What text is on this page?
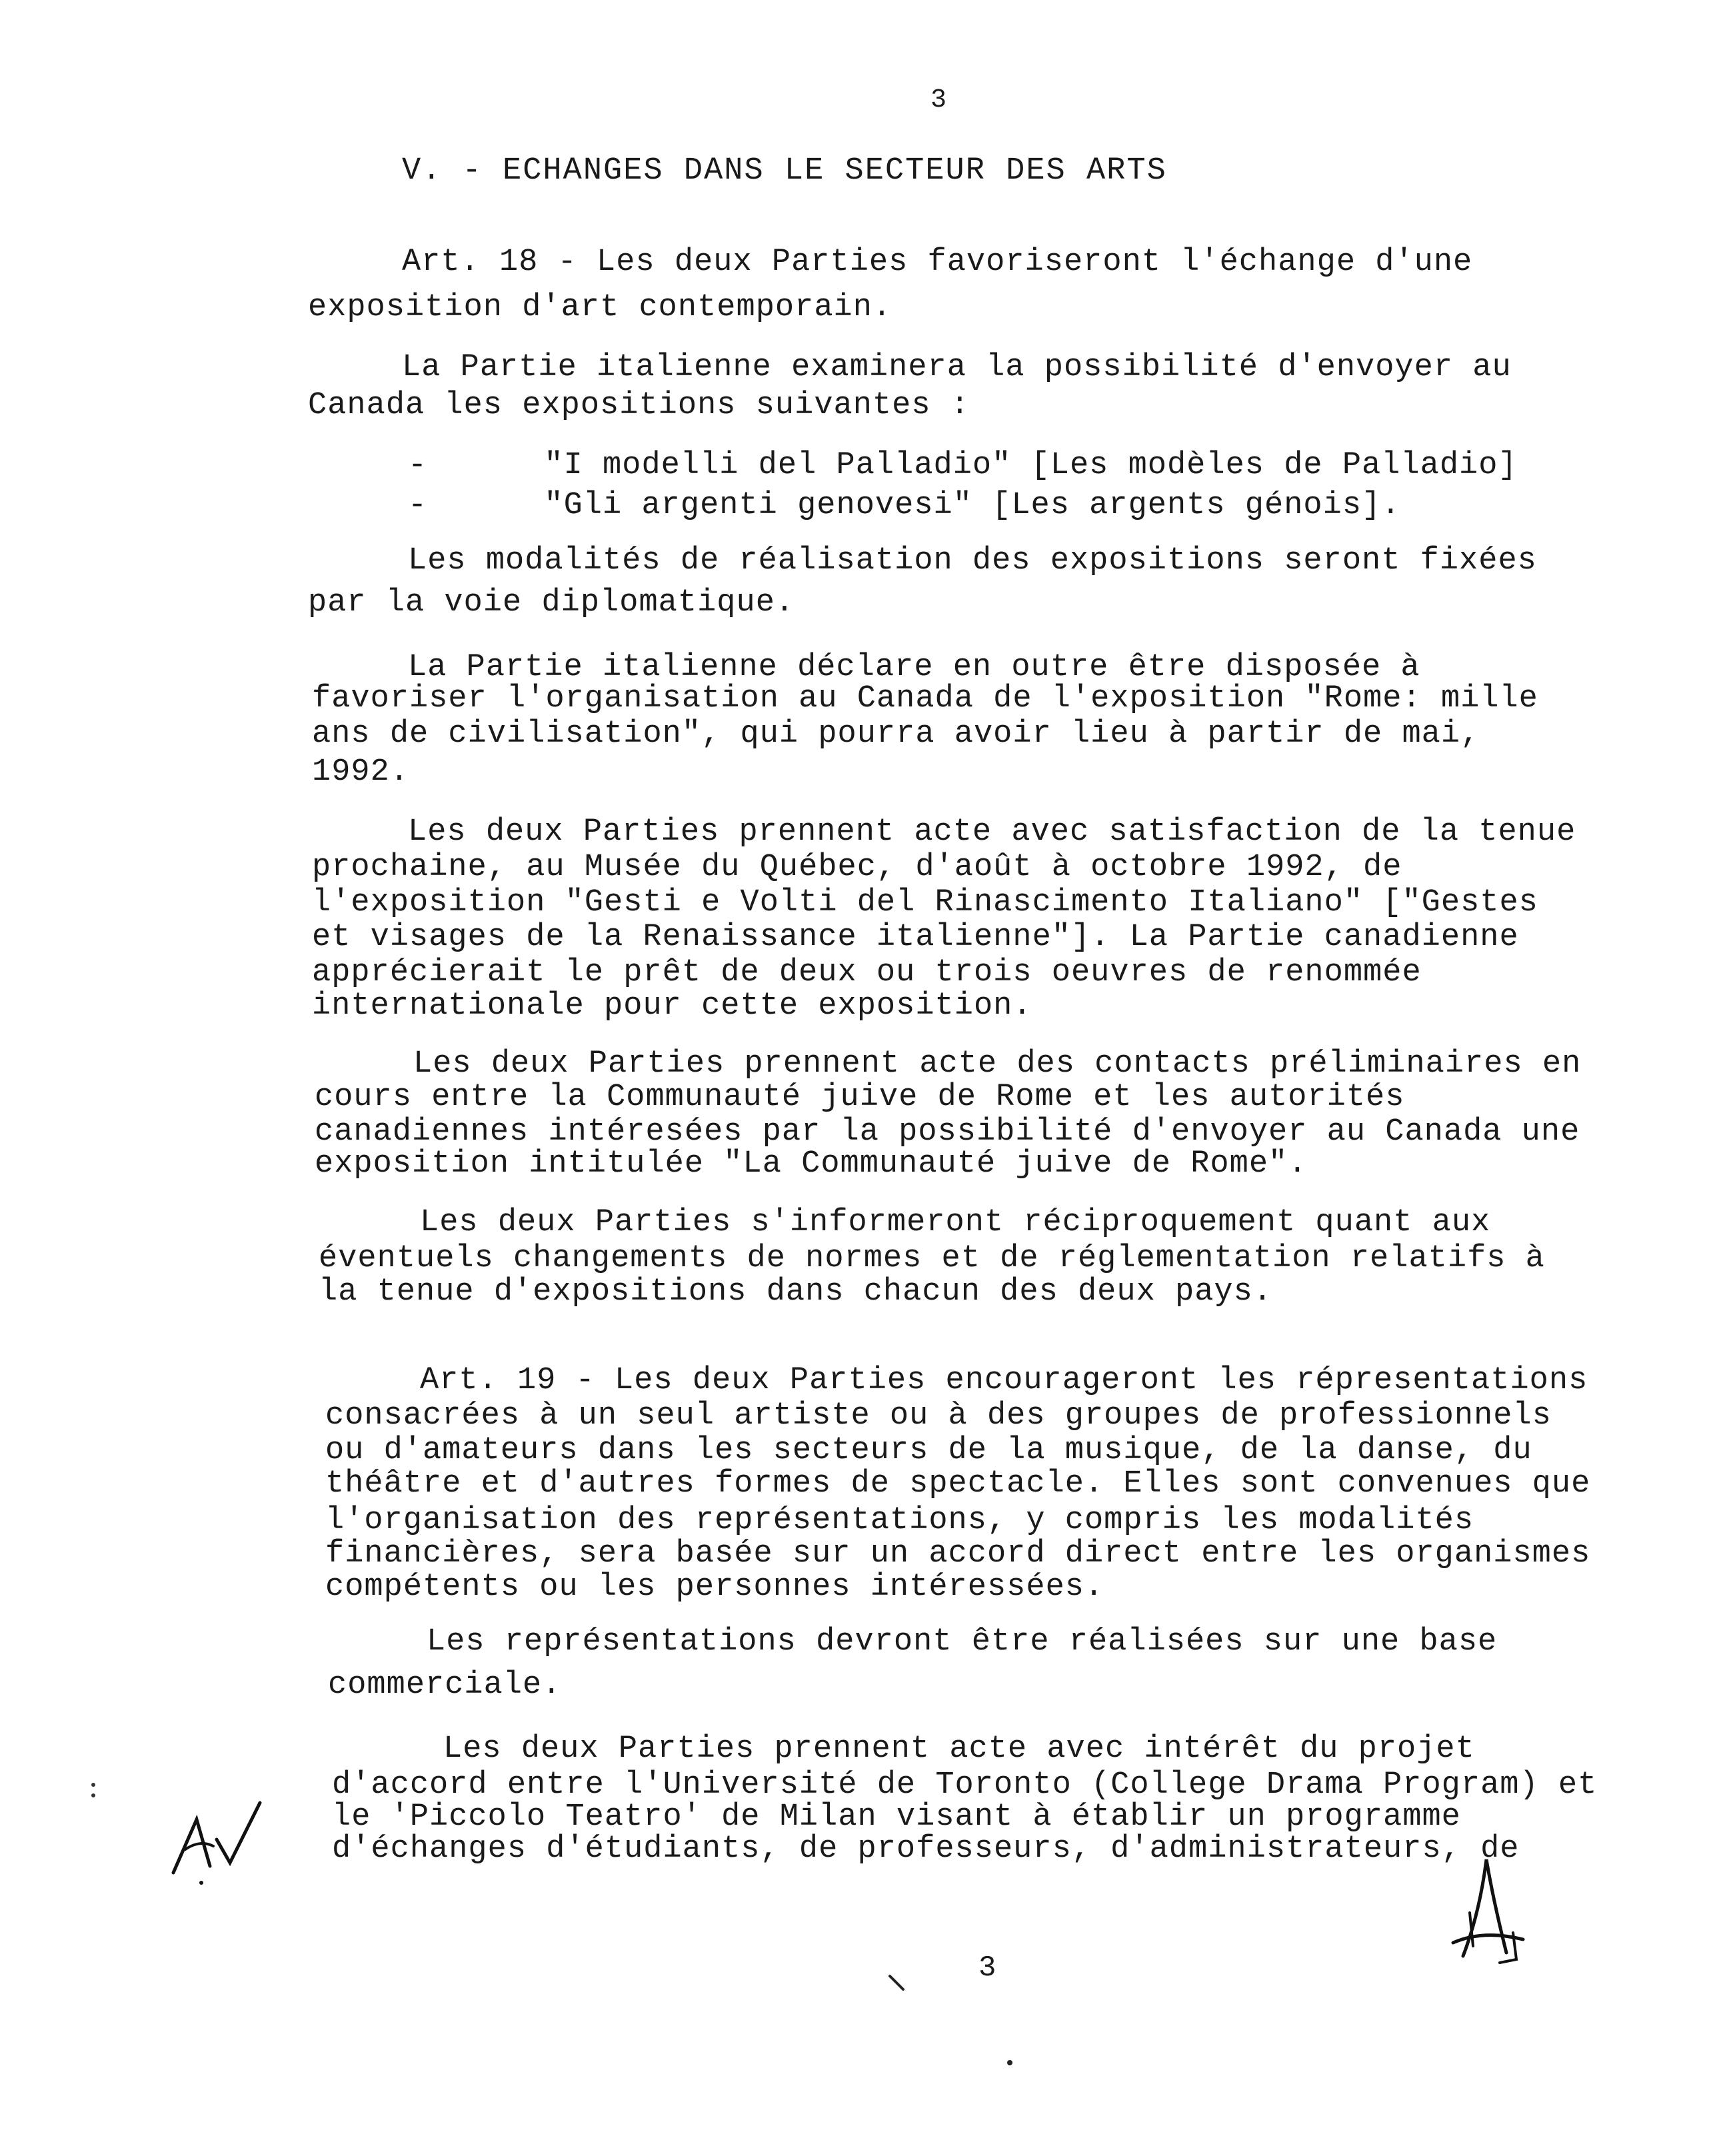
3
V. - ECHANGES DANS LE SECTEUR DES ARTS
Art. 18 - Les deux Parties favoriseront l'échange d'une
exposition d'art contemporain.
La Partie italienne examinera la possibilité d'envoyer au
Canada les expositions suivantes :
-      "I modelli del Palladio" [Les modèles de Palladio]
-      "Gli argenti genovesi" [Les argents génois].
Les modalités de réalisation des expositions seront fixées
par la voie diplomatique.
La Partie italienne déclare en outre être disposée à
favoriser l'organisation au Canada de l'exposition "Rome: mille
ans de civilisation", qui pourra avoir lieu à partir de mai,
1992.
Les deux Parties prennent acte avec satisfaction de la tenue
prochaine, au Musée du Québec, d'août à octobre 1992, de
l'exposition "Gesti e Volti del Rinascimento Italiano" ["Gestes
et visages de la Renaissance italienne"]. La Partie canadienne
apprécierait le prêt de deux ou trois oeuvres de renommée
internationale pour cette exposition.
Les deux Parties prennent acte des contacts préliminaires en
cours entre la Communauté juive de Rome et les autorités
canadiennes intéresées par la possibilité d'envoyer au Canada une
exposition intitulée "La Communauté juive de Rome".
Les deux Parties s'informeront réciproquement quant aux
éventuels changements de normes et de réglementation relatifs à
la tenue d'expositions dans chacun des deux pays.
Art. 19 - Les deux Parties encourageront les répresentations
consacrées à un seul artiste ou à des groupes de professionnels
ou d'amateurs dans les secteurs de la musique, de la danse, du
théâtre et d'autres formes de spectacle. Elles sont convenues que
l'organisation des représentations, y compris les modalités
financières, sera basée sur un accord direct entre les organismes
compétents ou les personnes intéressées.
Les représentations devront être réalisées sur une base
commerciale.
Les deux Parties prennent acte avec intérêt du projet
d'accord entre l'Université de Toronto (College Drama Program) et
le 'Piccolo Teatro' de Milan visant à établir un programme
d'échanges d'étudiants, de professeurs, d'administrateurs, de
3
